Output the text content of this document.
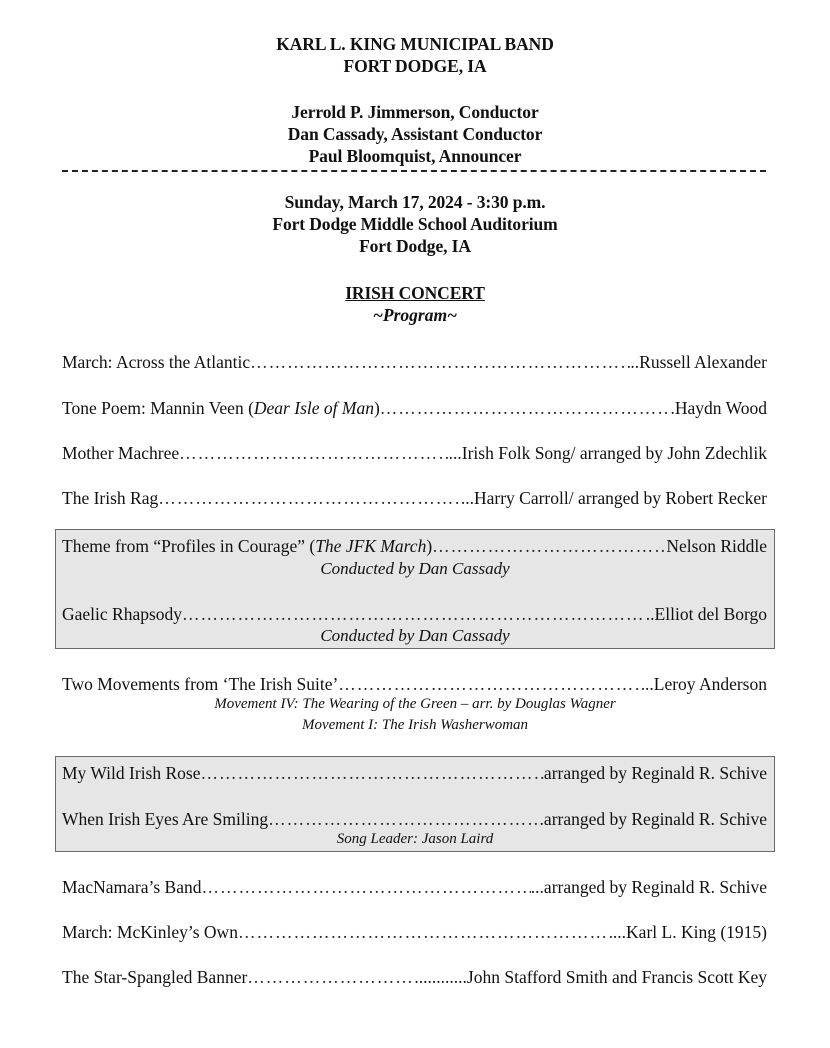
KARL L. KING MUNICIPAL BAND
FORT DODGE, IA
Jerrold P. Jimmerson, Conductor
Dan Cassady, Assistant Conductor
Paul Bloomquist, Announcer
Sunday, March 17, 2024 - 3:30 p.m.
Fort Dodge Middle School Auditorium
Fort Dodge, IA
IRISH CONCERT
~Program~
March: Across the Atlantic ……………………………………………………………………………………………………………………………………………………………………	..Russell Alexander
Tone Poem: Mannin Veen (Dear Isle of Man) ……………………………………………………………………………………………………………………………………………………………………	.Haydn Wood
Mother Machree ……………………………………………………………………………………………………………………………………………………………………	...Irish Folk Song/ arranged by John Zdechlik
The Irish Rag ……………………………………………………………………………………………………………………………………………………………………	...Harry Carroll/ arranged by Robert Recker
Theme from “Profiles in Courage” (The JFK March) ……………………………………………………………………………………………………………………………………………………………………	Nelson Riddle
Conducted by Dan Cassady
Gaelic Rhapsody ……………………………………………………………………………………………………………………………………………………………………	..Elliot del Borgo
Conducted by Dan Cassady
Two Movements from ‘The Irish Suite’ ……………………………………………………………………………………………………………………………………………………………………	..Leroy Anderson
Movement IV: The Wearing of the Green – arr. by Douglas Wagner
Movement I: The Irish Washerwoman
My Wild Irish Rose ……………………………………………………………………………………………………………………………………………………………………	arranged by Reginald R. Schive
When Irish Eyes Are Smiling ……………………………………………………………………………………………………………………………………………………………………	.arranged by Reginald R. Schive
Song Leader: Jason Laird
MacNamara’s Band ……………………………………………………………………………………………………………………………………………………………………	...arranged by Reginald R. Schive
March: McKinley’s Own ……………………………………………………………………………………………………………………………………………………………………	...Karl L. King (1915)
The Star-Spangled Banner ……………………………………………………………………………………………………………………………………………………………………	............John Stafford Smith and Francis Scott Key
